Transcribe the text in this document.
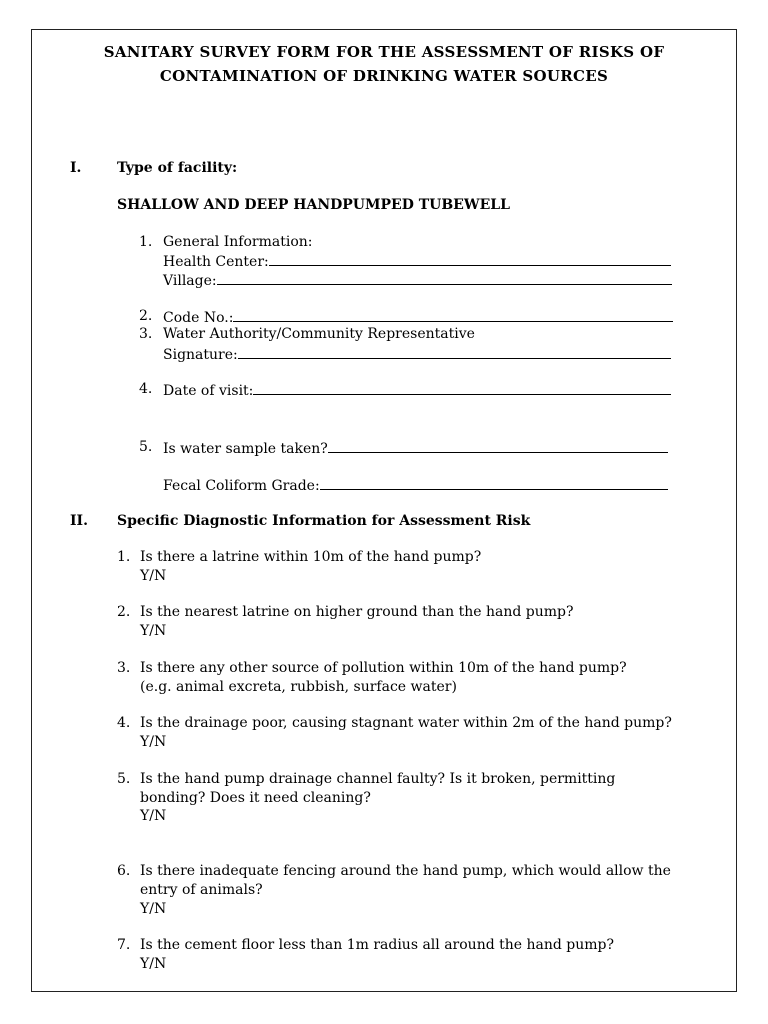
SANITARY SURVEY FORM FOR THE ASSESSMENT OF RISKS OF
CONTAMINATION OF DRINKING WATER SOURCES
I.	Type of facility:
SHALLOW AND DEEP HANDPUMPED TUBEWELL
1. General Information:
Health Center:
Village:
2. Code No.:
3. Water Authority/Community Representative
Signature:
4. Date of visit:
5. Is water sample taken?
Fecal Coliform Grade:
II. Specific Diagnostic Information for Assessment Risk
1. Is there a latrine within 10m of the hand pump?
Y/N
2. Is the nearest latrine on higher ground than the hand pump?
Y/N
3. Is there any other source of pollution within 10m of the hand pump?
(e.g. animal excreta, rubbish, surface water)
4. Is the drainage poor, causing stagnant water within 2m of the hand pump?
Y/N
5. Is the hand pump drainage channel faulty? Is it broken, permitting
bonding? Does it need cleaning?
Y/N
6. Is there inadequate fencing around the hand pump, which would allow the
entry of animals?
Y/N
7. Is the cement floor less than 1m radius all around the hand pump?
Y/N
